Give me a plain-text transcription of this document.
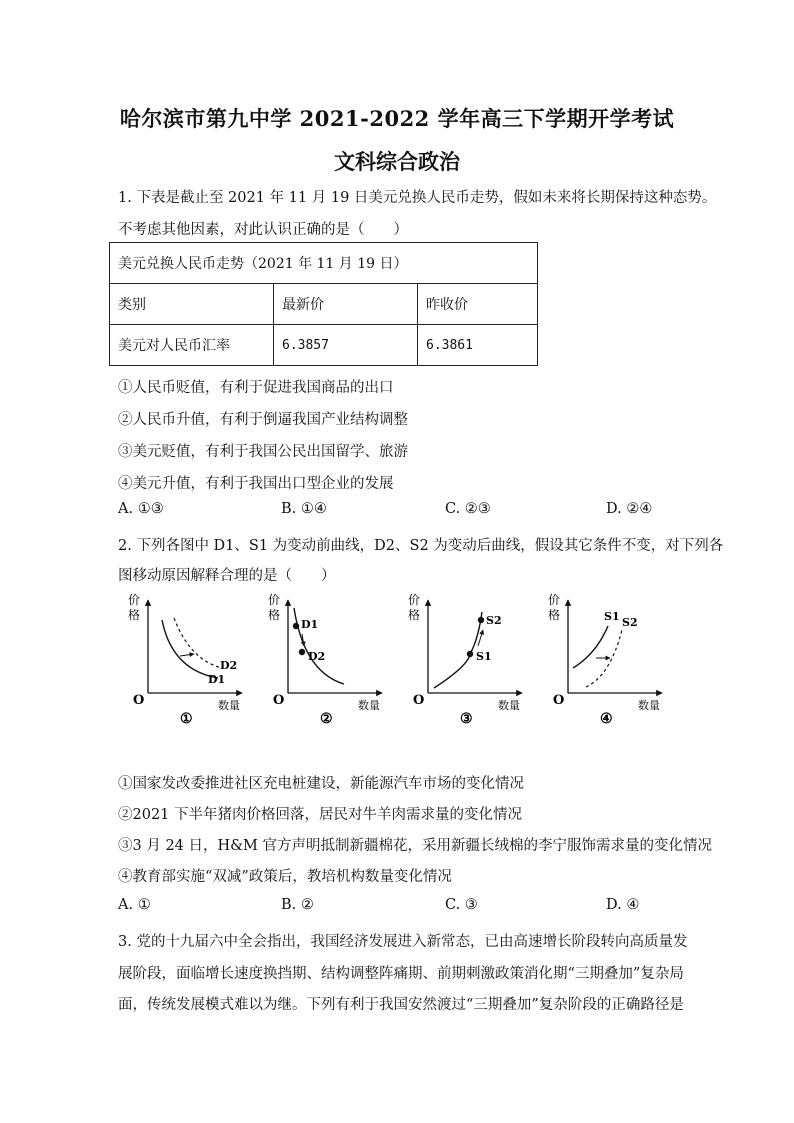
哈尔滨市第九中学 2021-2022 学年高三下学期开学考试
文科综合政治
1. 下表是截止至 2021 年 11 月 19 日美元兑换人民币走势，假如未来将长期保持这种态势。
不考虑其他因素，对此认识正确的是（　　）
美元兑换人民币走势（2021 年 11 月 19 日）		
类别	最新价	昨收价
美元对人民币汇率	6.3857	6.3861
①人民币贬值，有利于促进我国商品的出口
②人民币升值，有利于倒逼我国产业结构调整
③美元贬值，有利于我国公民出国留学、旅游
④美元升值，有利于我国出口型企业的发展
A. ①③	B. ①④	C. ②③	D. ②④
2. 下列各图中 D1、S1 为变动前曲线，D2、S2 为变动后曲线，假设其它条件不变，对下列各
图移动原因解释合理的是（　　）
价
格
O	数量
D2
D1
①
价
格
O	数量
D1
D2
②
价
格
O	数量
S2
S1
③
价
格
O	数量
S1 S2
④
①国家发改委推进社区充电桩建设，新能源汽车市场的变化情况
②2021 下半年猪肉价格回落，居民对牛羊肉需求量的变化情况
③3 月 24 日，H&M 官方声明抵制新疆棉花，采用新疆长绒棉的李宁服饰需求量的变化情况
④教育部实施“双减”政策后，教培机构数量变化情况
A. ①	B. ②	C. ③	D. ④
3. 党的十九届六中全会指出，我国经济发展进入新常态，已由高速增长阶段转向高质量发
展阶段，面临增长速度换挡期、结构调整阵痛期、前期刺激政策消化期“三期叠加”复杂局
面，传统发展模式难以为继。下列有利于我国安然渡过“三期叠加”复杂阶段的正确路径是
